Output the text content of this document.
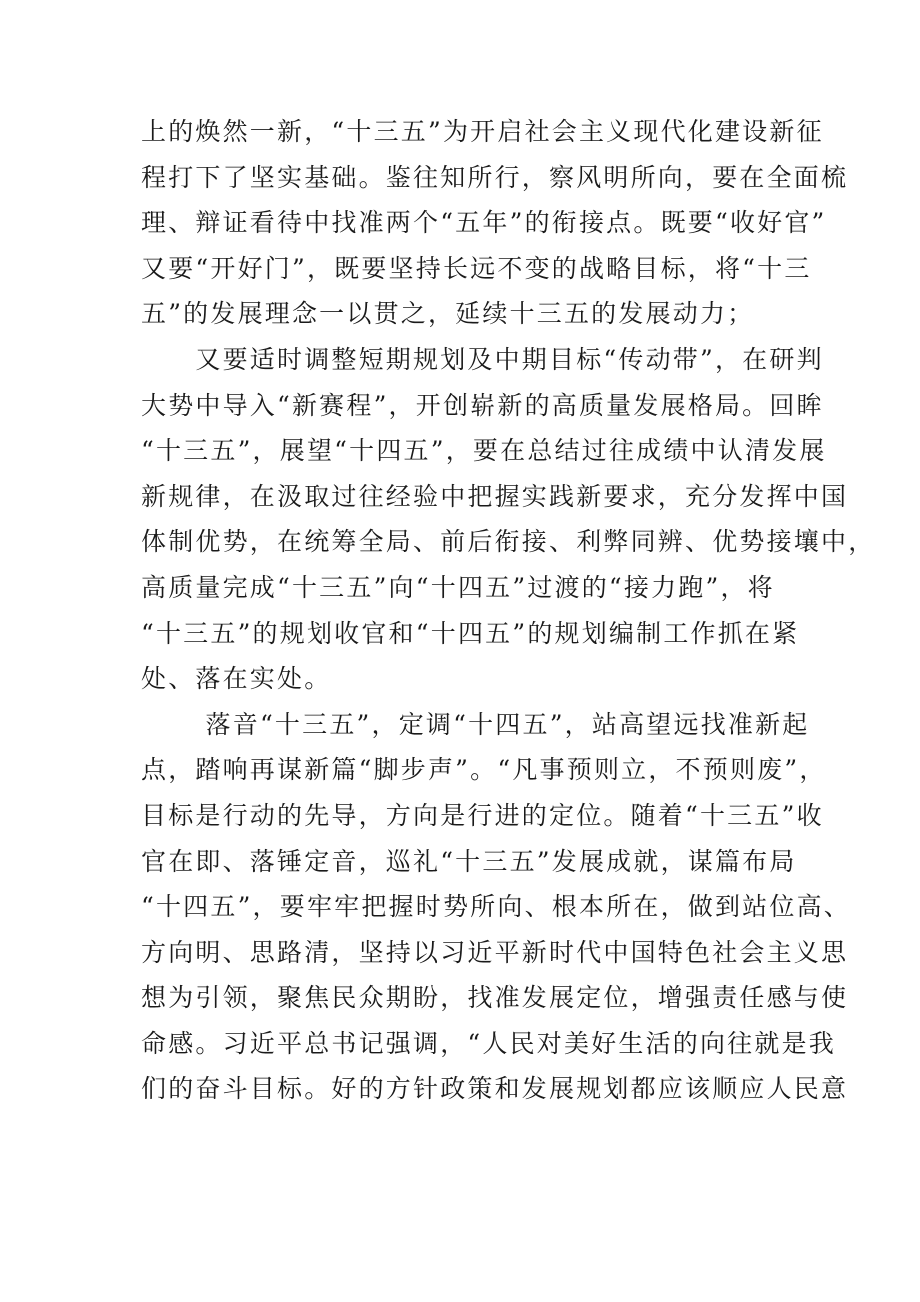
上的焕然一新，“十三五”为开启社会主义现代化建设新征
程打下了坚实基础。鉴往知所行，察风明所向，要在全面梳
理、辩证看待中找准两个“五年”的衔接点。既要“收好官”
又要“开好门”，既要坚持长远不变的战略目标，将“十三
五”的发展理念一以贯之，延续十三五的发展动力；
　　又要适时调整短期规划及中期目标“传动带”，在研判
大势中导入“新赛程”，开创崭新的高质量发展格局。回眸
“十三五”，展望“十四五”，要在总结过往成绩中认清发展
新规律，在汲取过往经验中把握实践新要求，充分发挥中国
体制优势，在统筹全局、前后衔接、利弊同辨、优势接壤中，
高质量完成“十三五”向“十四五”过渡的“接力跑”，将
“十三五”的规划收官和“十四五”的规划编制工作抓在紧
处、落在实处。
　　 落音“十三五”，定调“十四五”，站高望远找准新起
点，踏响再谋新篇“脚步声”。“凡事预则立，不预则废”，
目标是行动的先导，方向是行进的定位。随着“十三五”收
官在即、落锤定音，巡礼“十三五”发展成就，谋篇布局
“十四五”，要牢牢把握时势所向、根本所在，做到站位高、
方向明、思路清，坚持以习近平新时代中国特色社会主义思
想为引领，聚焦民众期盼，找准发展定位，增强责任感与使
命感。习近平总书记强调，“人民对美好生活的向往就是我
们的奋斗目标。好的方针政策和发展规划都应该顺应人民意
